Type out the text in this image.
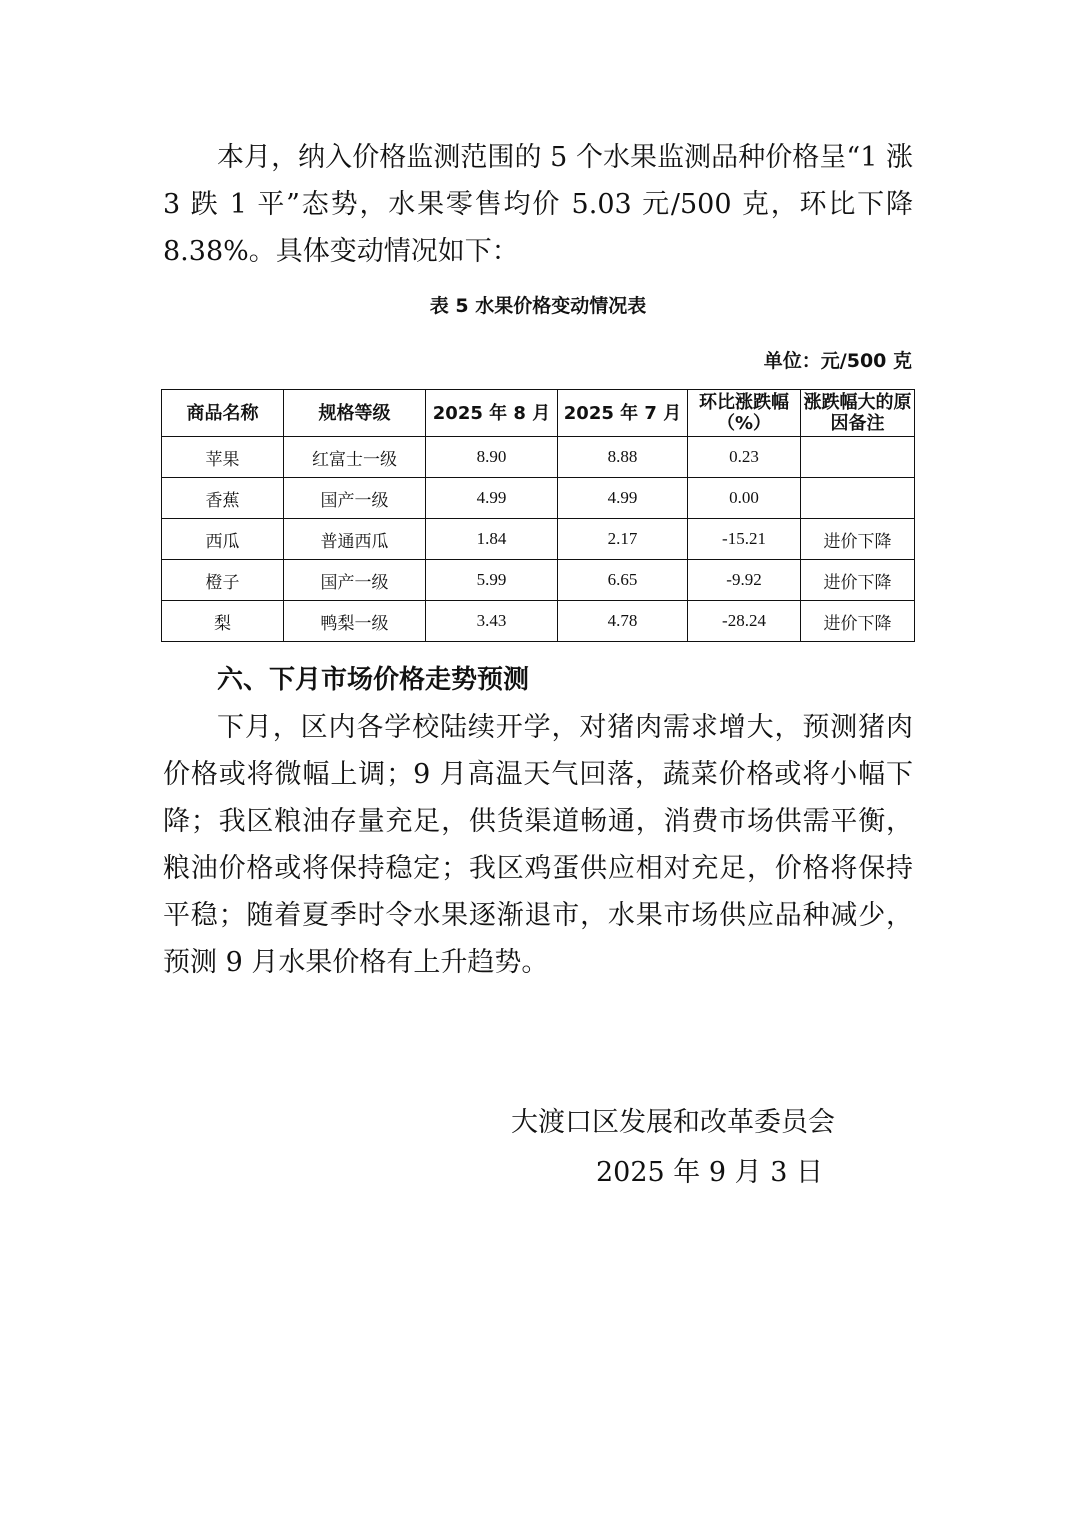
本月，纳入价格监测范围的 5 个水果监测品种价格呈“1 涨 3 跌 1 平”态势，水果零售均价 5.03 元/500 克，环比下降 8.38%。具体变动情况如下：

表 5 水果价格变动情况表
单位：元/500 克
商品名称	规格等级	2025 年 8 月	2025 年 7 月	环比涨跌幅（%）	涨跌幅大的原因备注
苹果	红富士一级	8.90	8.88	0.23	
香蕉	国产一级	4.99	4.99	0.00	
西瓜	普通西瓜	1.84	2.17	-15.21	进价下降
橙子	国产一级	5.99	6.65	-9.92	进价下降
梨	鸭梨一级	3.43	4.78	-28.24	进价下降
六、下月市场价格走势预测

下月，区内各学校陆续开学，对猪肉需求增大，预测猪肉价格或将微幅上调；9 月高温天气回落，蔬菜价格或将小幅下降；我区粮油存量充足，供货渠道畅通，消费市场供需平衡，粮油价格或将保持稳定；我区鸡蛋供应相对充足，价格将保持平稳；随着夏季时令水果逐渐退市，水果市场供应品种减少，预测 9 月水果价格有上升趋势。

大渡口区发展和改革委员会
2025 年 9 月 3 日
